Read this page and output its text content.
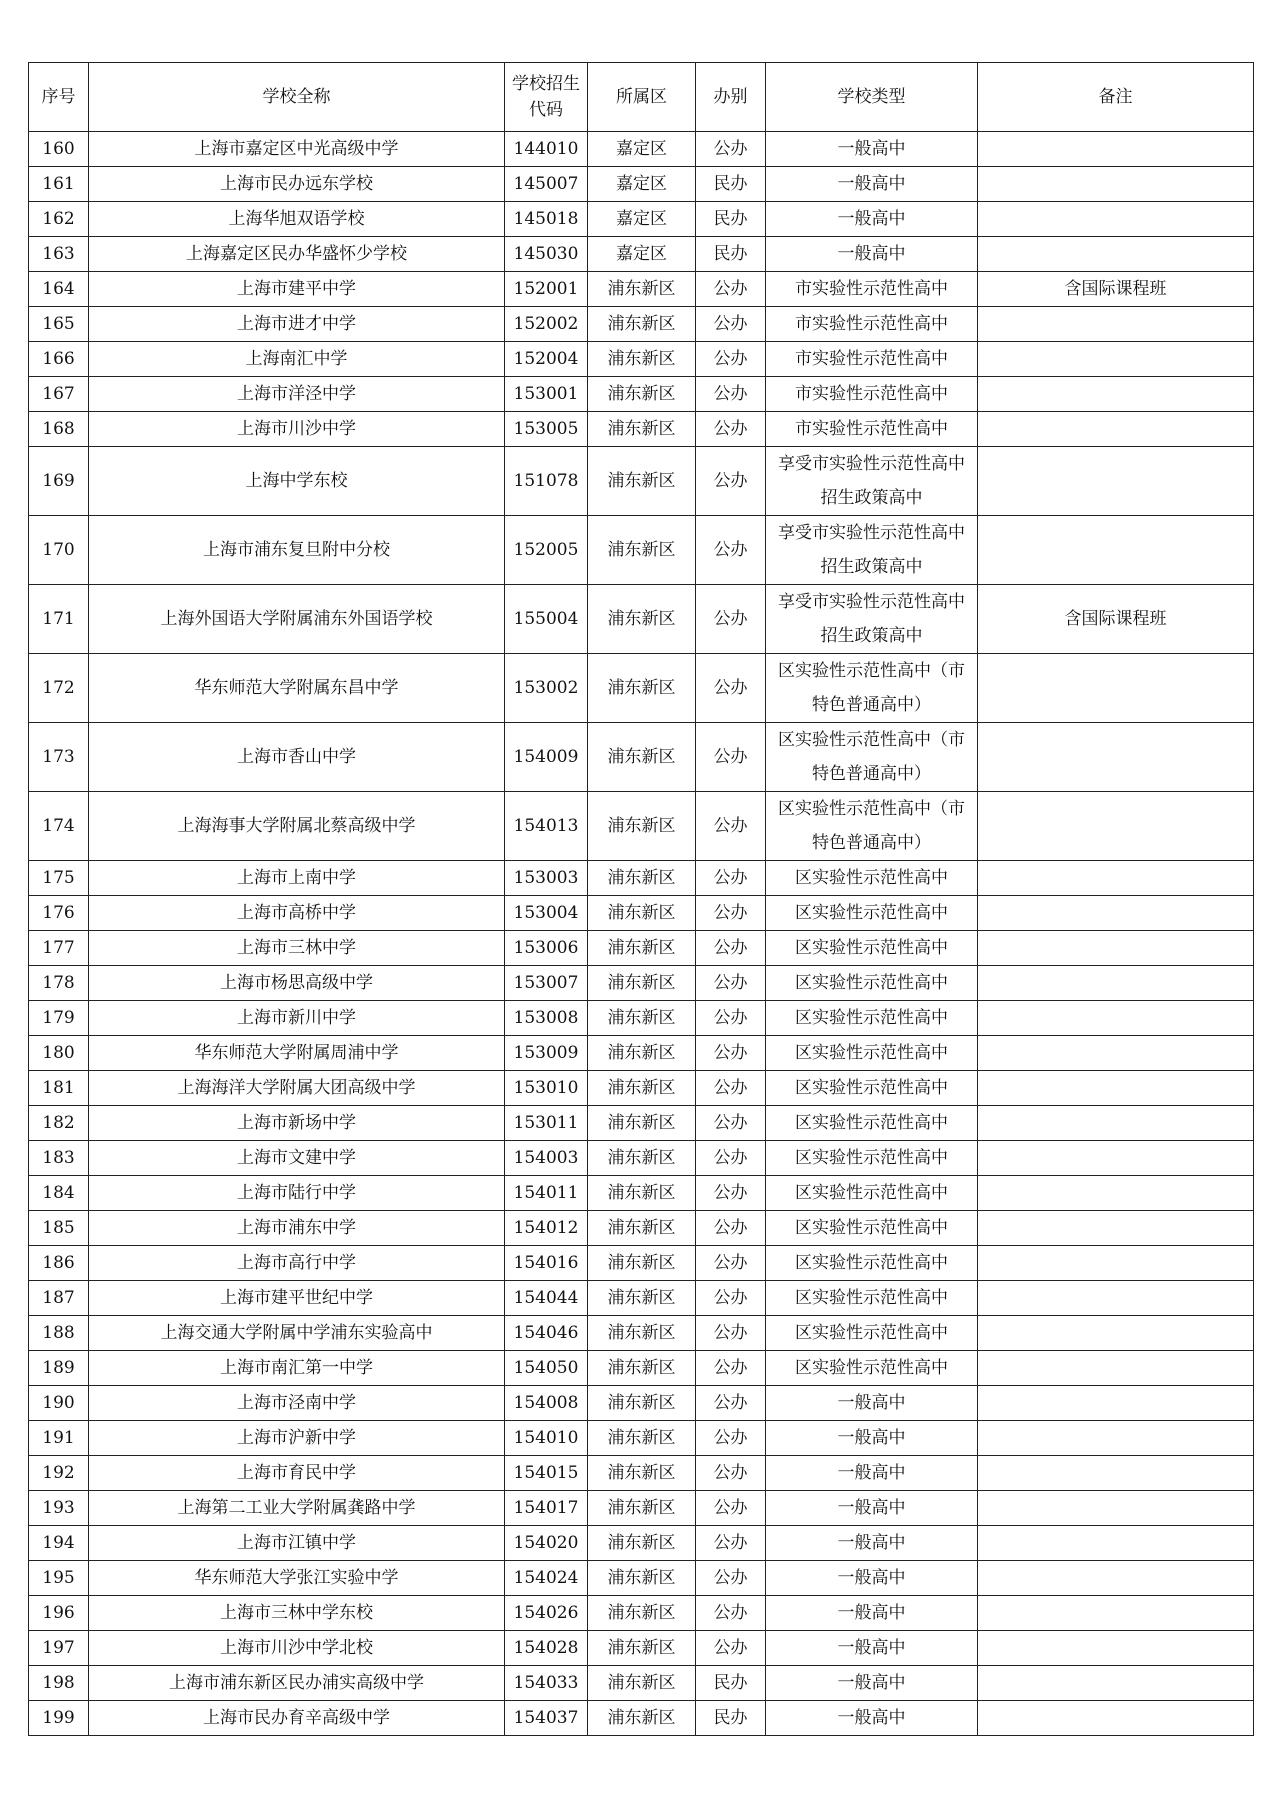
序号	学校全称	学校招生代码	所属区	办别	学校类型	备注
160	上海市嘉定区中光高级中学	144010	嘉定区	公办	一般高中	
161	上海市民办远东学校	145007	嘉定区	民办	一般高中	
162	上海华旭双语学校	145018	嘉定区	民办	一般高中	
163	上海嘉定区民办华盛怀少学校	145030	嘉定区	民办	一般高中	
164	上海市建平中学	152001	浦东新区	公办	市实验性示范性高中	含国际课程班
165	上海市进才中学	152002	浦东新区	公办	市实验性示范性高中	
166	上海南汇中学	152004	浦东新区	公办	市实验性示范性高中	
167	上海市洋泾中学	153001	浦东新区	公办	市实验性示范性高中	
168	上海市川沙中学	153005	浦东新区	公办	市实验性示范性高中	
169	上海中学东校	151078	浦东新区	公办	享受市实验性示范性高中招生政策高中	
170	上海市浦东复旦附中分校	152005	浦东新区	公办	享受市实验性示范性高中招生政策高中	
171	上海外国语大学附属浦东外国语学校	155004	浦东新区	公办	享受市实验性示范性高中招生政策高中	含国际课程班
172	华东师范大学附属东昌中学	153002	浦东新区	公办	区实验性示范性高中（市特色普通高中）	
173	上海市香山中学	154009	浦东新区	公办	区实验性示范性高中（市特色普通高中）	
174	上海海事大学附属北蔡高级中学	154013	浦东新区	公办	区实验性示范性高中（市特色普通高中）	
175	上海市上南中学	153003	浦东新区	公办	区实验性示范性高中	
176	上海市高桥中学	153004	浦东新区	公办	区实验性示范性高中	
177	上海市三林中学	153006	浦东新区	公办	区实验性示范性高中	
178	上海市杨思高级中学	153007	浦东新区	公办	区实验性示范性高中	
179	上海市新川中学	153008	浦东新区	公办	区实验性示范性高中	
180	华东师范大学附属周浦中学	153009	浦东新区	公办	区实验性示范性高中	
181	上海海洋大学附属大团高级中学	153010	浦东新区	公办	区实验性示范性高中	
182	上海市新场中学	153011	浦东新区	公办	区实验性示范性高中	
183	上海市文建中学	154003	浦东新区	公办	区实验性示范性高中	
184	上海市陆行中学	154011	浦东新区	公办	区实验性示范性高中	
185	上海市浦东中学	154012	浦东新区	公办	区实验性示范性高中	
186	上海市高行中学	154016	浦东新区	公办	区实验性示范性高中	
187	上海市建平世纪中学	154044	浦东新区	公办	区实验性示范性高中	
188	上海交通大学附属中学浦东实验高中	154046	浦东新区	公办	区实验性示范性高中	
189	上海市南汇第一中学	154050	浦东新区	公办	区实验性示范性高中	
190	上海市泾南中学	154008	浦东新区	公办	一般高中	
191	上海市沪新中学	154010	浦东新区	公办	一般高中	
192	上海市育民中学	154015	浦东新区	公办	一般高中	
193	上海第二工业大学附属龚路中学	154017	浦东新区	公办	一般高中	
194	上海市江镇中学	154020	浦东新区	公办	一般高中	
195	华东师范大学张江实验中学	154024	浦东新区	公办	一般高中	
196	上海市三林中学东校	154026	浦东新区	公办	一般高中	
197	上海市川沙中学北校	154028	浦东新区	公办	一般高中	
198	上海市浦东新区民办浦实高级中学	154033	浦东新区	民办	一般高中	
199	上海市民办育辛高级中学	154037	浦东新区	民办	一般高中	
